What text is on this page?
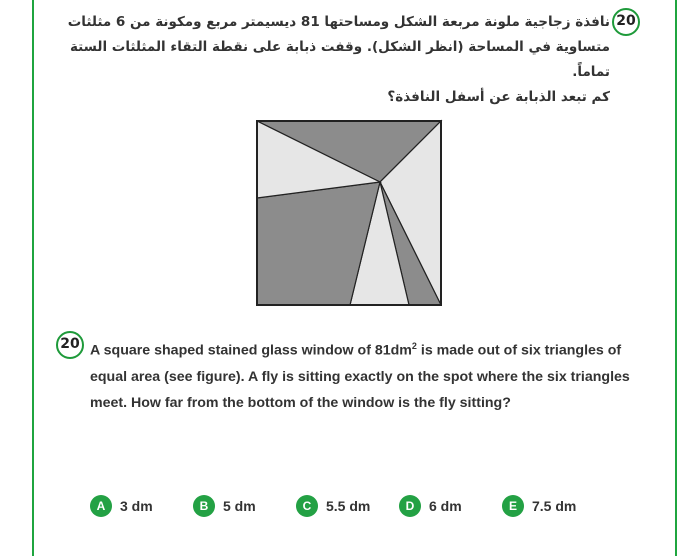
20
نافذة زجاجية ملونة مربعة الشكل ومساحتها 81 ديسيمتر مربع ومكونة من 6 مثلثات
متساوية في المساحة (انظر الشكل). وقفت ذبابة على نقطة التقاء المثلثات الستة تماماً.
كم تبعد الذبابة عن أسفل النافذة؟
20 A square shaped stained glass window of $81dm^2$ is made out of six triangles of equal area (see figure). A fly is sitting exactly on the spot where the six triangles meet. How far from the bottom of the window is the fly sitting?
A	3 dm	B	5 dm	C	5.5 dm	D	6 dm	E	7.5 dm
